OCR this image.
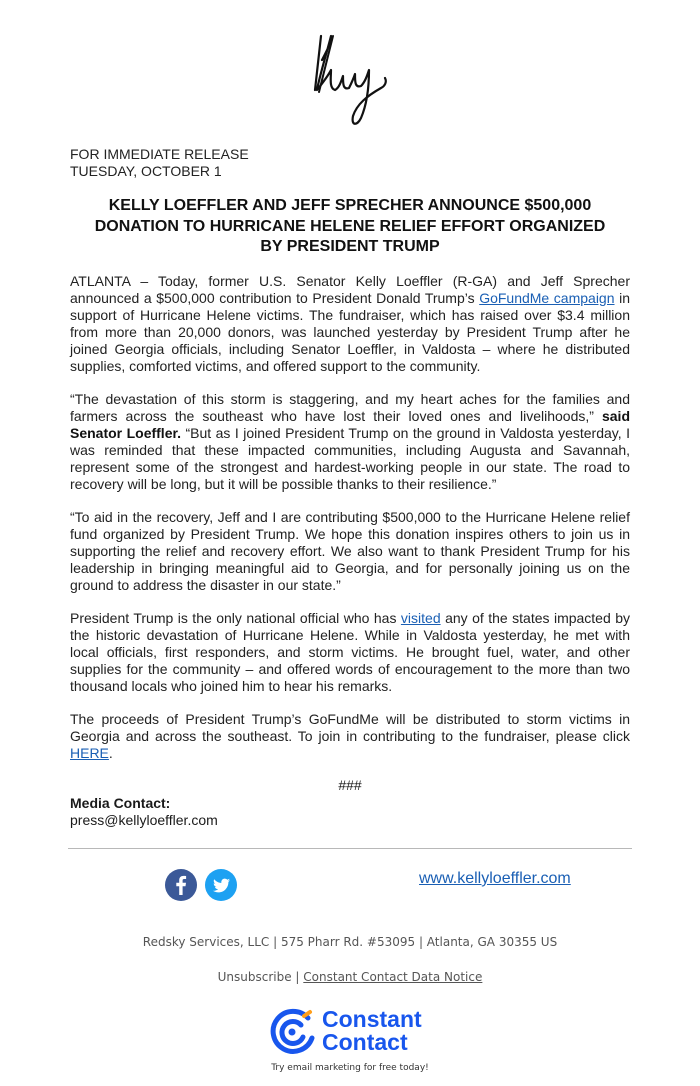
FOR IMMEDIATE RELEASE
TUESDAY, OCTOBER 1
KELLY LOEFFLER AND JEFF SPRECHER ANNOUNCE $500,000
DONATION TO HURRICANE HELENE RELIEF EFFORT ORGANIZED
BY PRESIDENT TRUMP
ATLANTA – Today, former U.S. Senator Kelly Loeffler (R-GA) and Jeff Sprecher announced a $500,000 contribution to President Donald Trump’s GoFundMe campaign in support of Hurricane Helene victims. The fundraiser, which has raised over $3.4 million from more than 20,000 donors, was launched yesterday by President Trump after he joined Georgia officials, including Senator Loeffler, in Valdosta – where he distributed supplies, comforted victims, and offered support to the community.
“The devastation of this storm is staggering, and my heart aches for the families and farmers across the southeast who have lost their loved ones and livelihoods,” said Senator Loeffler. “But as I joined President Trump on the ground in Valdosta yesterday, I was reminded that these impacted communities, including Augusta and Savannah, represent some of the strongest and hardest-working people in our state. The road to recovery will be long, but it will be possible thanks to their resilience.”
“To aid in the recovery, Jeff and I are contributing $500,000 to the Hurricane Helene relief fund organized by President Trump. We hope this donation inspires others to join us in supporting the relief and recovery effort. We also want to thank President Trump for his leadership in bringing meaningful aid to Georgia, and for personally joining us on the ground to address the disaster in our state.”
President Trump is the only national official who has visited any of the states impacted by the historic devastation of Hurricane Helene. While in Valdosta yesterday, he met with local officials, first responders, and storm victims. He brought fuel, water, and other supplies for the community – and offered words of encouragement to the more than two thousand locals who joined him to hear his remarks.
The proceeds of President Trump’s GoFundMe will be distributed to storm victims in Georgia and across the southeast. To join in contributing to the fundraiser, please click HERE.
###
Media Contact:
press@kellyloeffler.com
www.kellyloeffler.com
Redsky Services, LLC | 575 Pharr Rd. #53095 | Atlanta, GA 30355 US
Unsubscribe | Constant Contact Data Notice
Constant
Contact
Try email marketing for free today!
